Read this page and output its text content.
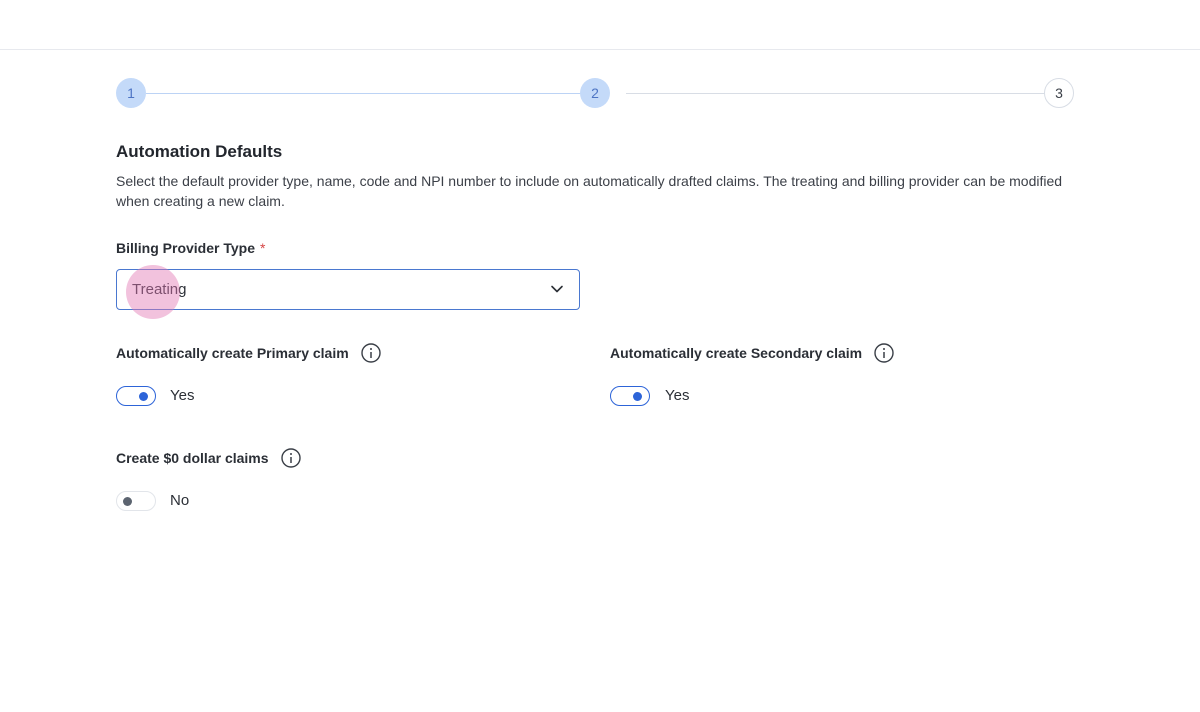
1	2	3
Automation Defaults
Select the default provider type, name, code and NPI number to include on automatically drafted claims. The treating and billing provider can be modified when creating a new claim.
Billing Provider Type *
Treating
Automatically create Primary claim
Yes
Automatically create Secondary claim
Yes
Create $0 dollar claims
No
